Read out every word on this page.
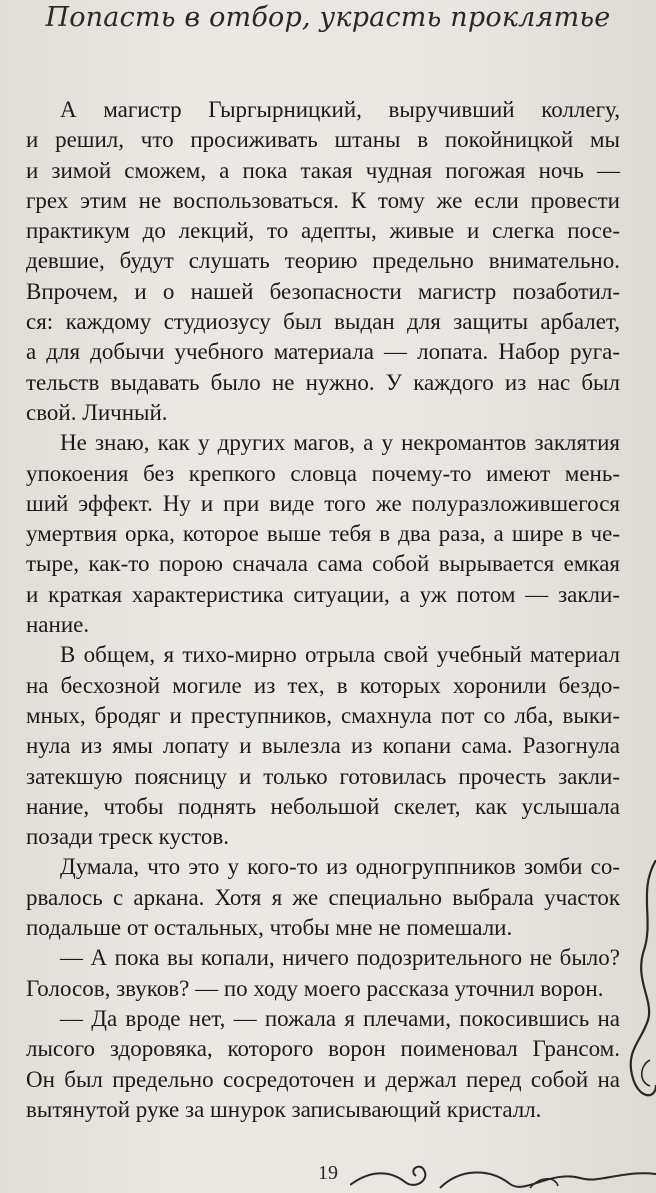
Попасть в отбор, украсть проклятье
А магистр Гыргырницкий, выручивший коллегу,
и решил, что просиживать штаны в покойницкой мы
и зимой сможем, а пока такая чудная погожая ночь —
грех этим не воспользоваться. К тому же если провести
практикум до лекций, то адепты, живые и слегка посе-
девшие, будут слушать теорию предельно внимательно.
Впрочем, и о нашей безопасности магистр позаботил-
ся: каждому студиозусу был выдан для защиты арбалет,
а для добычи учебного материала — лопата. Набор руга-
тельств выдавать было не нужно. У каждого из нас был
свой. Личный.
Не знаю, как у других магов, а у некромантов заклятия
упокоения без крепкого словца почему-то имеют мень-
ший эффект. Ну и при виде того же полуразложившегося
умертвия орка, которое выше тебя в два раза, а шире в че-
тыре, как-то порою сначала сама собой вырывается емкая
и краткая характеристика ситуации, а уж потом — закли-
нание.
В общем, я тихо-мирно отрыла свой учебный материал
на бесхозной могиле из тех, в которых хоронили бездо-
мных, бродяг и преступников, смахнула пот со лба, выки-
нула из ямы лопату и вылезла из копани сама. Разогнула
затекшую поясницу и только готовилась прочесть закли-
нание, чтобы поднять небольшой скелет, как услышала
позади треск кустов.
Думала, что это у кого-то из одногруппников зомби со-
рвалось с аркана. Хотя я же специально выбрала участок
подальше от остальных, чтобы мне не помешали.
— А пока вы копали, ничего подозрительного не было?
Голосов, звуков? — по ходу моего рассказа уточнил ворон.
— Да вроде нет, — пожала я плечами, покосившись на
лысого здоровяка, которого ворон поименовал Грансом.
Он был предельно сосредоточен и держал перед собой на
вытянутой руке за шнурок записывающий кристалл.
19
